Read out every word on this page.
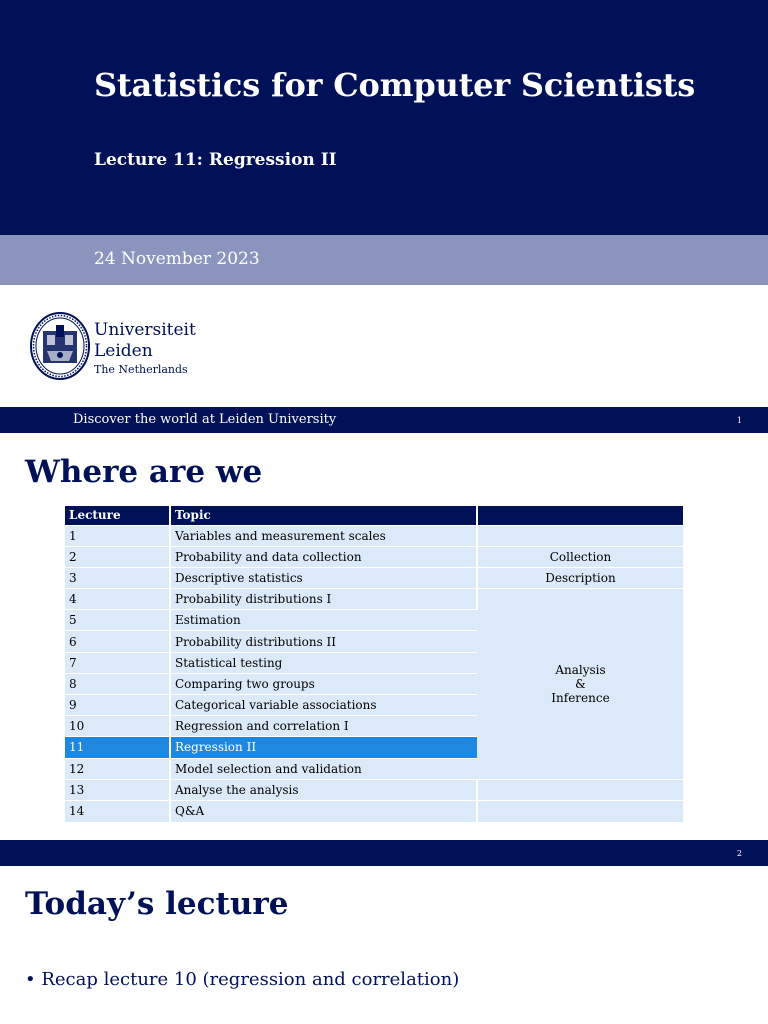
Statistics for Computer Scientists
Lecture 11: Regression II
24 November 2023
Universiteit
Leiden
The Netherlands
Discover the world at Leiden University	1
Where are we
Lecture	Topic	
1	Variables and measurement scales	
2	Probability and data collection	Collection
3	Descriptive statistics	Description
4	Probability distributions I	Analysis
&
Inference

5	Estimation	
6	Probability distributions II	
7	Statistical testing	
8	Comparing two groups	
9	Categorical variable associations	
10	Regression and correlation I	
11	Regression II	
12	Model selection and validation	
13	Analyse the analysis	
14	Q&A	
2
Today’s lecture
• Recap lecture 10 (regression and correlation)
